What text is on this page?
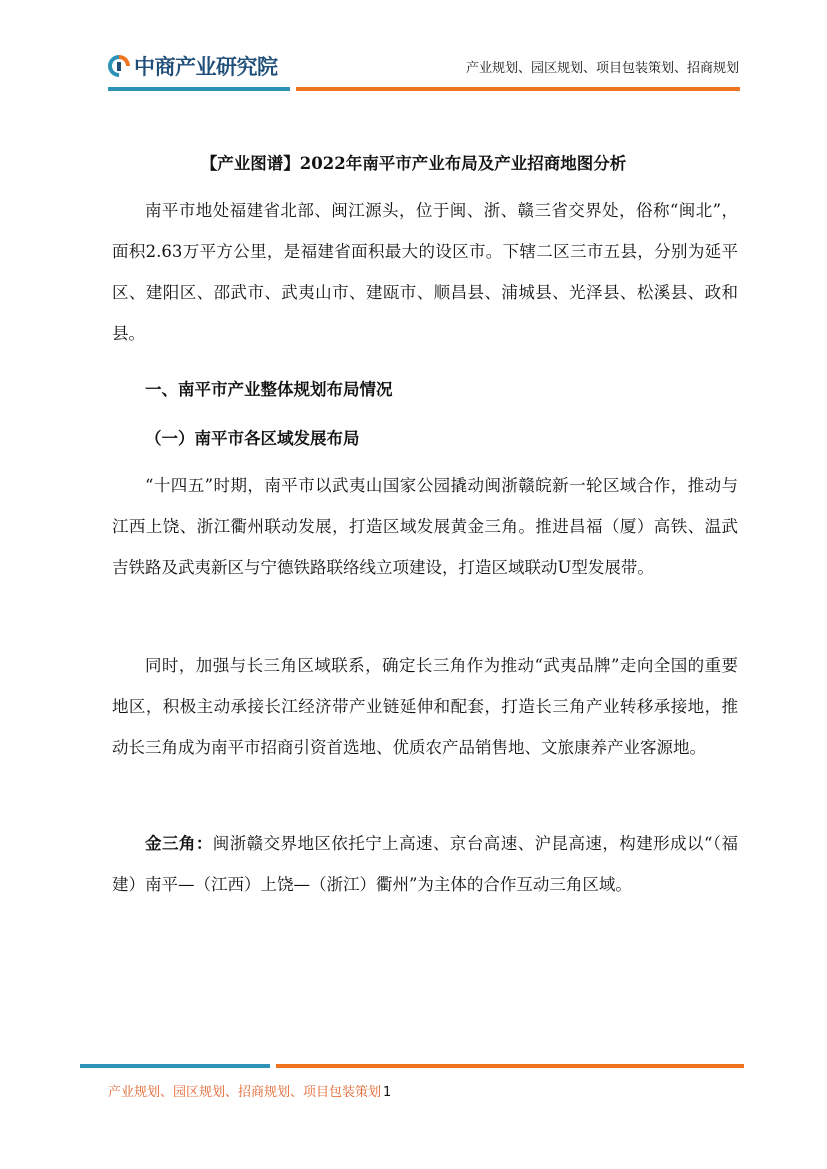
中商产业研究院	产业规划、园区规划、项目包装策划、招商规划
【产业图谱】2022年南平市产业布局及产业招商地图分析

南平市地处福建省北部、闽江源头，位于闽、浙、赣三省交界处，俗称“闽北”，面积2.63万平方公里，是福建省面积最大的设区市。下辖二区三市五县，分别为延平区、建阳区、邵武市、武夷山市、建瓯市、顺昌县、浦城县、光泽县、松溪县、政和县。

一、南平市产业整体规划布局情况
（一）南平市各区域发展布局

“十四五”时期，南平市以武夷山国家公园撬动闽浙赣皖新一轮区域合作，推动与江西上饶、浙江衢州联动发展，打造区域发展黄金三角。推进昌福（厦）高铁、温武吉铁路及武夷新区与宁德铁路联络线立项建设，打造区域联动U型发展带。

同时，加强与长三角区域联系，确定长三角作为推动“武夷品牌”走向全国的重要地区，积极主动承接长江经济带产业链延伸和配套，打造长三角产业转移承接地，推动长三角成为南平市招商引资首选地、优质农产品销售地、文旅康养产业客源地。

金三角：闽浙赣交界地区依托宁上高速、京台高速、沪昆高速，构建形成以“（福建）南平—（江西）上饶—（浙江）衢州”为主体的合作互动三角区域。

产业规划、园区规划、招商规划、项目包装策划 1
